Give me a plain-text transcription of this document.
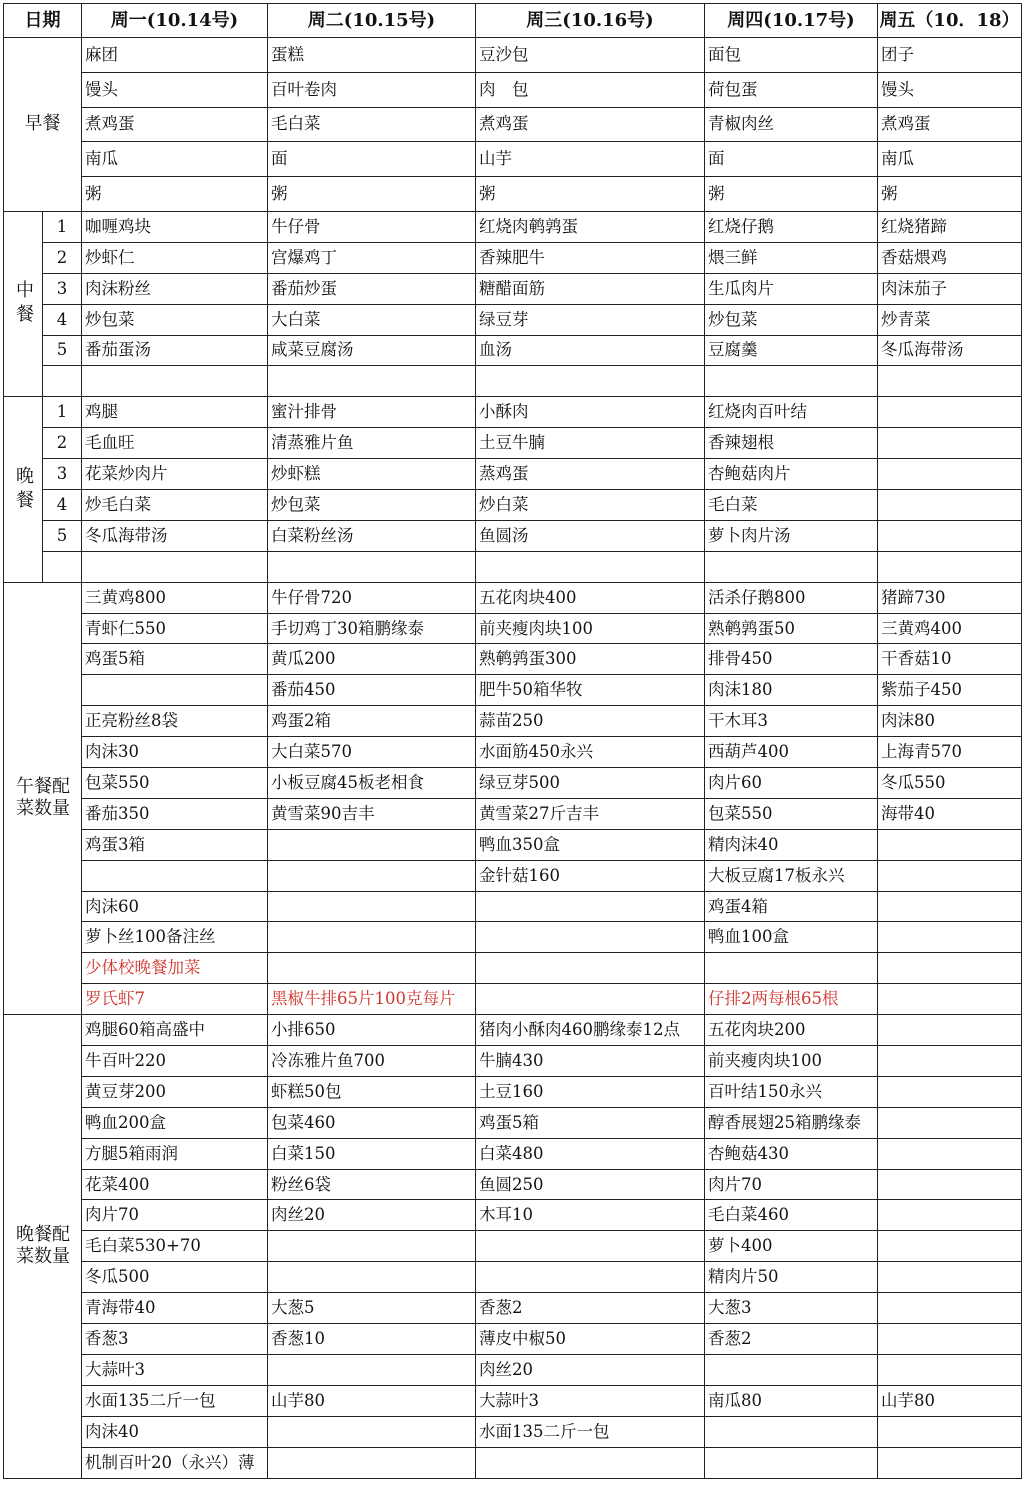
日期		周一(10.14号)	周二(10.15号)	周三(10.16号)	周四(10.17号)	周五（10．18）
早餐		麻团	蛋糕	豆沙包	面包	团子
		馒头	百叶卷肉	肉　包	荷包蛋	馒头
		煮鸡蛋	毛白菜	煮鸡蛋	青椒肉丝	煮鸡蛋
		南瓜	面	山芋	面	南瓜
		粥	粥	粥	粥	粥
中餐	1	咖喱鸡块	牛仔骨	红烧肉鹌鹑蛋	红烧仔鹅	红烧猪蹄
	2	炒虾仁	宫爆鸡丁	香辣肥牛	煨三鲜	香菇煨鸡
	3	肉沫粉丝	番茄炒蛋	糖醋面筋	生瓜肉片	肉沫茄子
	4	炒包菜	大白菜	绿豆芽	炒包菜	炒青菜
	5	番茄蛋汤	咸菜豆腐汤	血汤	豆腐羹	冬瓜海带汤

晚餐	1	鸡腿	蜜汁排骨	小酥肉	红烧肉百叶结	
	2	毛血旺	清蒸雅片鱼	土豆牛腩	香辣翅根	
	3	花菜炒肉片	炒虾糕	蒸鸡蛋	杏鲍菇肉片	
	4	炒毛白菜	炒包菜	炒白菜	毛白菜	
	5	冬瓜海带汤	白菜粉丝汤	鱼圆汤	萝卜肉片汤	

午餐配菜数量		三黄鸡800	牛仔骨720	五花肉块400	活杀仔鹅800	猪蹄730
		青虾仁550	手切鸡丁30箱鹏缘泰	前夹瘦肉块100	熟鹌鹑蛋50	三黄鸡400
		鸡蛋5箱	黄瓜200	熟鹌鹑蛋300	排骨450	干香菇10
			番茄450	肥牛50箱华牧	肉沫180	紫茄子450
		正亮粉丝8袋	鸡蛋2箱	蒜苗250	干木耳3	肉沫80
		肉沫30	大白菜570	水面筋450永兴	西葫芦400	上海青570
		包菜550	小板豆腐45板老相食	绿豆芽500	肉片60	冬瓜550
		番茄350	黄雪菜90吉丰	黄雪菜27斤吉丰	包菜550	海带40
		鸡蛋3箱		鸭血350盒	精肉沫40	
				金针菇160	大板豆腐17板永兴	
		肉沫60			鸡蛋4箱	
		萝卜丝100备注丝			鸭血100盒	
		少体校晚餐加菜				
		罗氏虾7	黑椒牛排65片100克每片		仔排2两每根65根	
晚餐配菜数量		鸡腿60箱高盛中	小排650	猪肉小酥肉460鹏缘泰12点	五花肉块200	
		牛百叶220	冷冻雅片鱼700	牛腩430	前夹瘦肉块100	
		黄豆芽200	虾糕50包	土豆160	百叶结150永兴	
		鸭血200盒	包菜460	鸡蛋5箱	醇香展翅25箱鹏缘泰	
		方腿5箱雨润	白菜150	白菜480	杏鲍菇430	
		花菜400	粉丝6袋	鱼圆250	肉片70	
		肉片70	肉丝20	木耳10	毛白菜460	
		毛白菜530+70			萝卜400	
		冬瓜500			精肉片50	
		青海带40	大葱5	香葱2	大葱3	
		香葱3	香葱10	薄皮中椒50	香葱2	
		大蒜叶3		肉丝20		
		水面135二斤一包	山芋80	大蒜叶3	南瓜80	山芋80
		肉沫40		水面135二斤一包		
		机制百叶20（永兴）薄				
